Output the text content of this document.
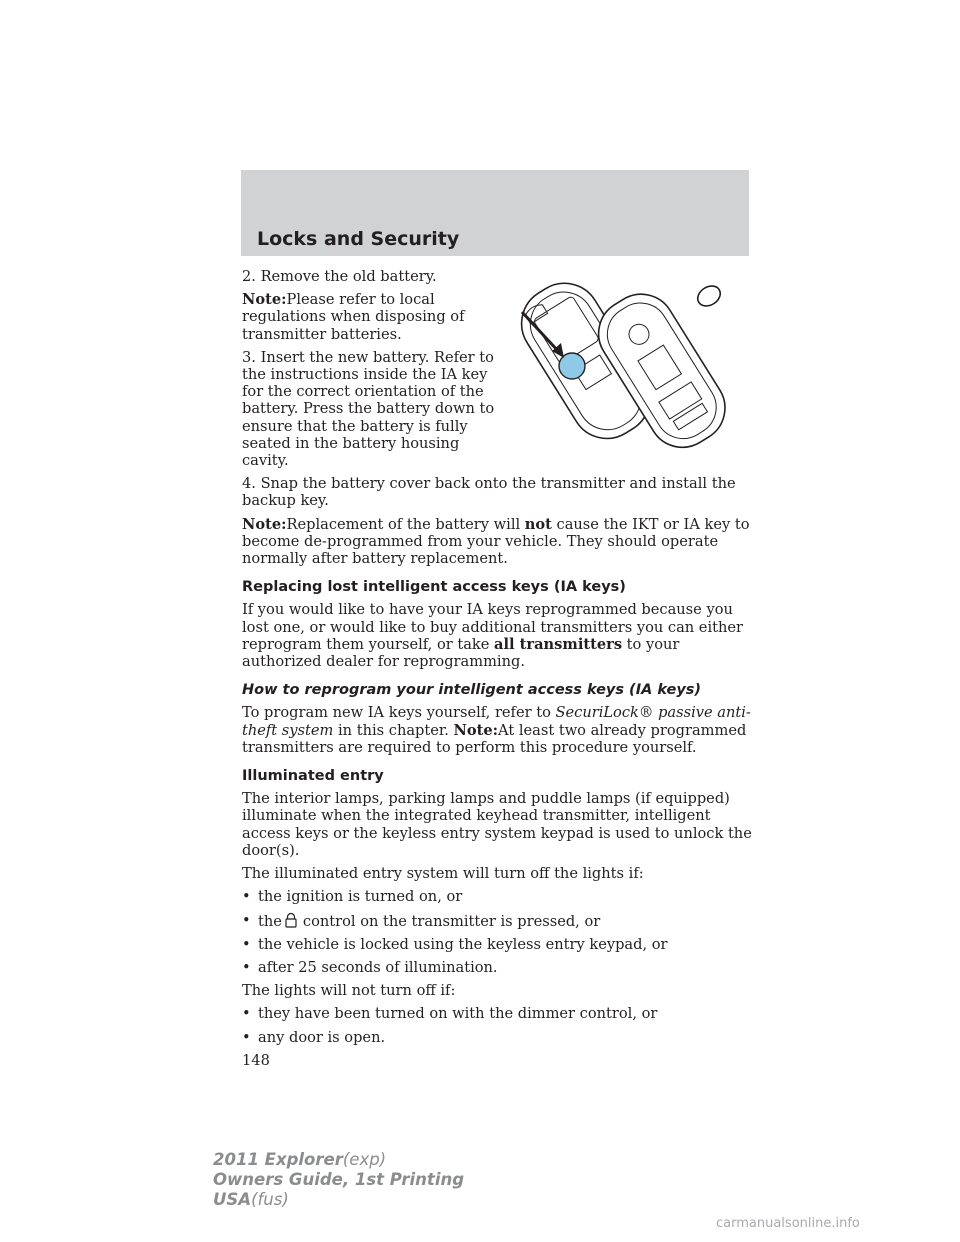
Locks and Security

2. Remove the old battery.

Note:Please refer to local regulations when disposing of transmitter batteries.

3. Insert the new battery. Refer to the instructions inside the IA key for the correct orientation of the battery. Press the battery down to ensure that the battery is fully seated in the battery housing cavity.

4. Snap the battery cover back onto the transmitter and install the backup key.

Note:Replacement of the battery will not cause the IKT or IA key to become de-programmed from your vehicle. They should operate normally after battery replacement.

Replacing lost intelligent access keys (IA keys)

If you would like to have your IA keys reprogrammed because you lost one, or would like to buy additional transmitters you can either reprogram them yourself, or take all transmitters to your authorized dealer for reprogramming.

How to reprogram your intelligent access keys (IA keys)

To program new IA keys yourself, refer to SecuriLock® passive anti-theft system in this chapter. Note:At least two already programmed transmitters are required to perform this procedure yourself.

Illuminated entry

The interior lamps, parking lamps and puddle lamps (if equipped) illuminate when the integrated keyhead transmitter, intelligent access keys or the keyless entry system keypad is used to unlock the door(s).

The illuminated entry system will turn off the lights if:

• the ignition is turned on, or
• the control on the transmitter is pressed, or
• the vehicle is locked using the keyless entry keypad, or
• after 25 seconds of illumination.

The lights will not turn off if:

• they have been turned on with the dimmer control, or
• any door is open.
148
2011 Explorer(exp)
Owners Guide, 1st Printing
USA(fus)
carmanualsonline.info
